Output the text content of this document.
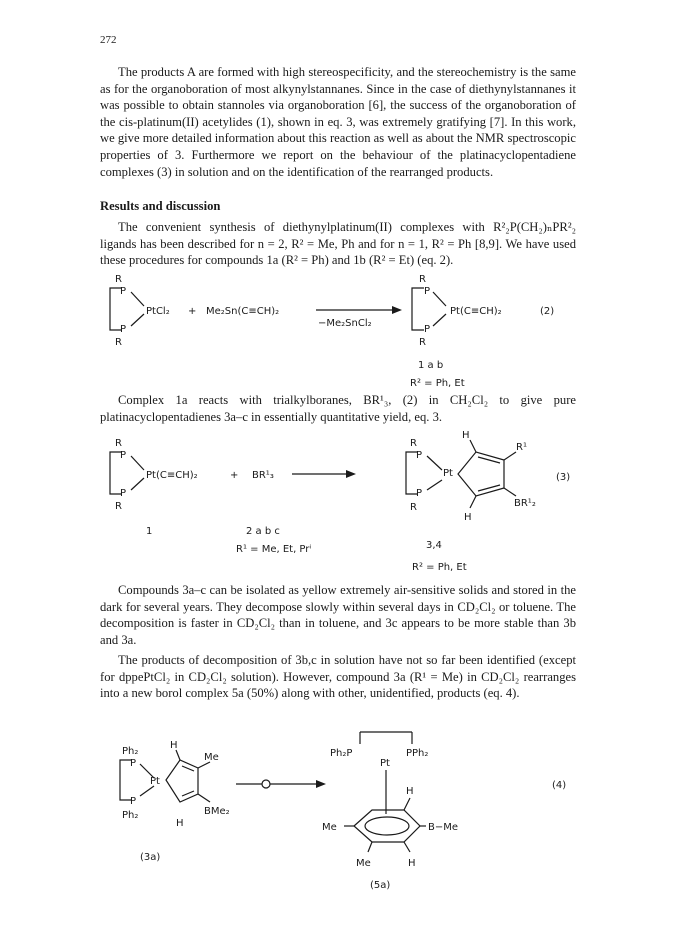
272

The products A are formed with high stereospecificity, and the stereochemistry is the same as for the organoboration of most alkynylstannanes. Since in the case of diethynylstannanes it was possible to obtain stannoles via organoboration [6], the success of the organoboration of the cis-platinum(II) acetylides (1), shown in eq. 3, was extremely gratifying [7]. In this work, we give more detailed information about this reaction as well as about the NMR spectroscopic properties of 3. Furthermore we report on the behaviour of the platinacyclopentadiene complexes (3) in solution and on the identification of the rearranged products.

Results and discussion

The convenient synthesis of diethynylplatinum(II) complexes with R²₂P(CH₂)ₙPR²₂ ligands has been described for n = 2, R² = Me, Ph and for n = 1, R² = Ph [8,9]. We have used these procedures for compounds 1a (R² = Ph) and 1b (R² = Et) (eq. 2).

R
P
PtCl₂
P
R
+ Me₂Sn(C≡CH)₂
−Me₂SnCl₂
R
P
Pt(C≡CH)₂
P
R
(2)
1 a b
R² = Ph, Et

Complex 1a reacts with trialkylboranes, BR¹₃, (2) in CH₂Cl₂ to give pure platinacyclopentadienes 3a–c in essentially quantitative yield, eq. 3.

R
P
Pt(C≡CH)₂
P
R
+ BR¹₃
R
P
Pt
P
R
H
R¹
BR¹₂
H
(3)
1	2 a b c
R¹ = Me, Et, Prⁱ	3,4
R² = Ph, Et

Compounds 3a–c can be isolated as yellow extremely air-sensitive solids and stored in the dark for several years. They decompose slowly within several days in CD₂Cl₂ or toluene. The decomposition is faster in CD₂Cl₂ than in toluene, and 3c appears to be more stable than 3b and 3a.

The products of decomposition of 3b,c in solution have not so far been identified (except for dppePtCl₂ in CD₂Cl₂ solution). However, compound 3a (R¹ = Me) in CD₂Cl₂ rearranges into a new borol complex 5a (50%) along with other, unidentified, products (eq. 4).

Ph₂
P
Pt
P
Ph₂
H
Me
BMe₂
H
(3a)
Ph₂P	PPh₂
Pt
H
B−Me
Me
Me	H
(5a)
(4)
